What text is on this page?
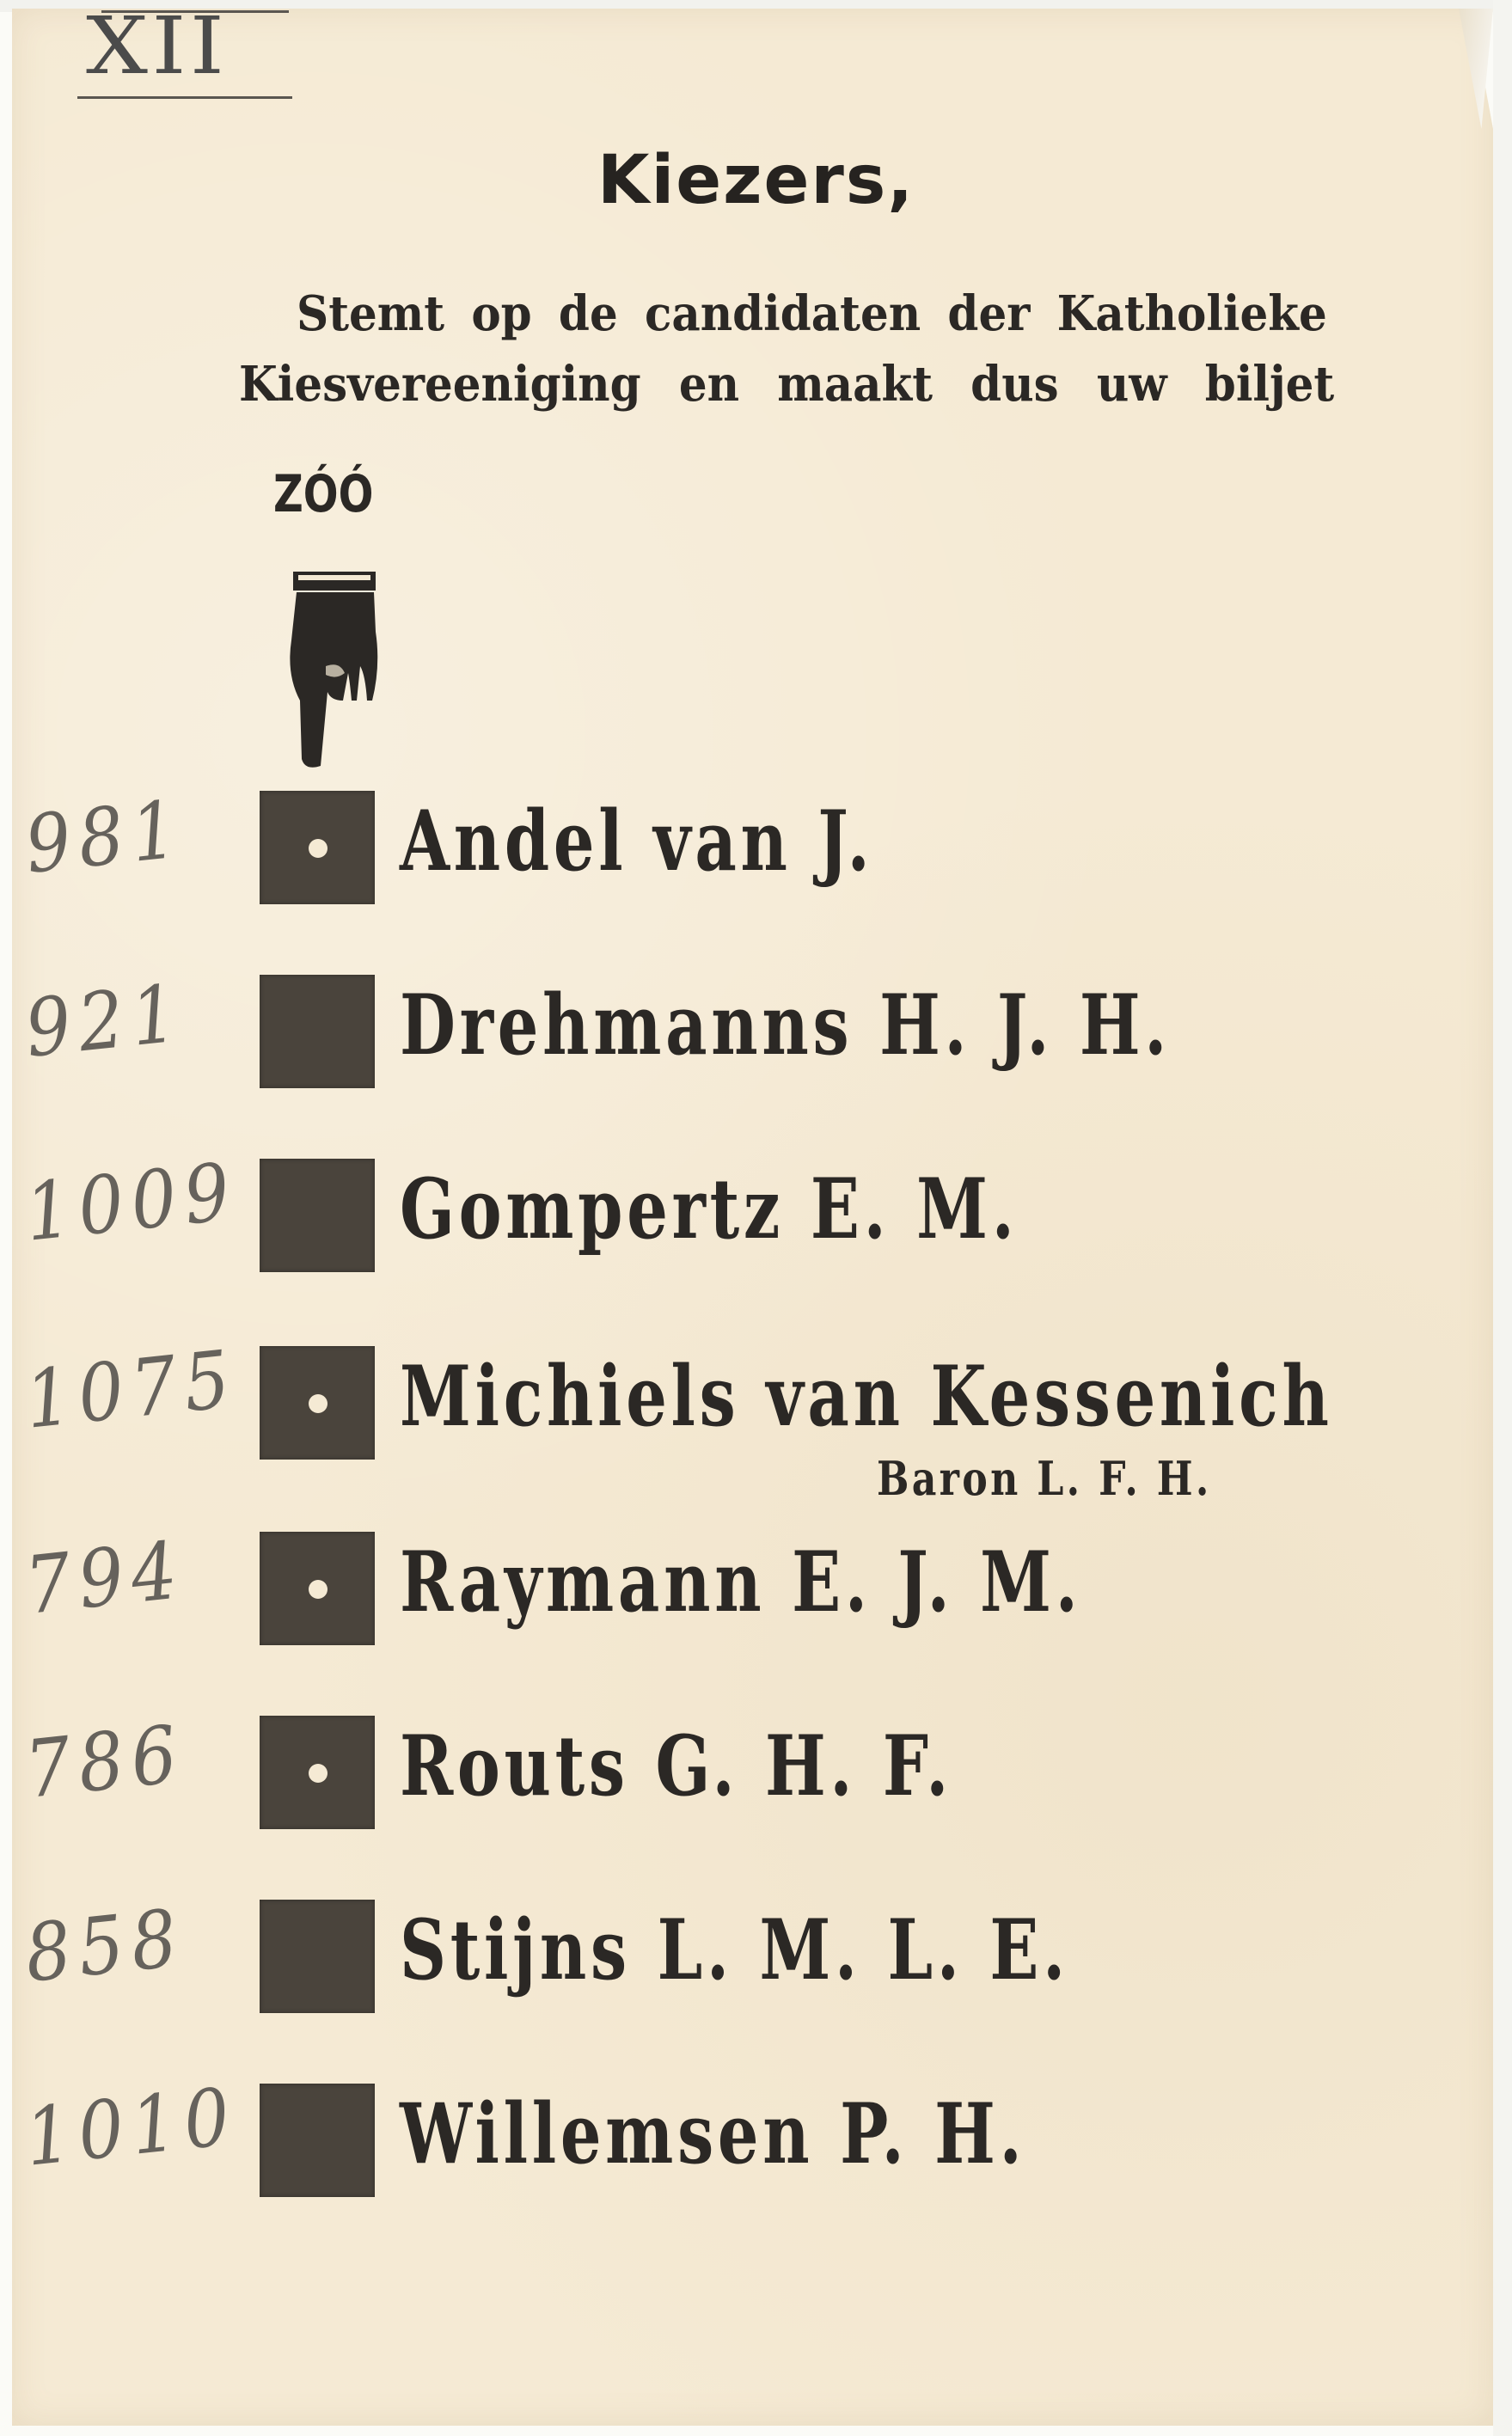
XII
Kiezers,
Stemt op de candidaten der Katholieke
Kiesvereeniging en maakt dus uw biljet
ZÓÓ
981	Andel van J.
921	Drehmanns H. J. H.
1009 Gompertz E. M.
1075 Michiels van Kessenich
Baron L. F. H.
794	Raymann E. J. M.
786	Routs G. H. F.
858	Stijns L. M. L. E.
1010 Willemsen P. H.
